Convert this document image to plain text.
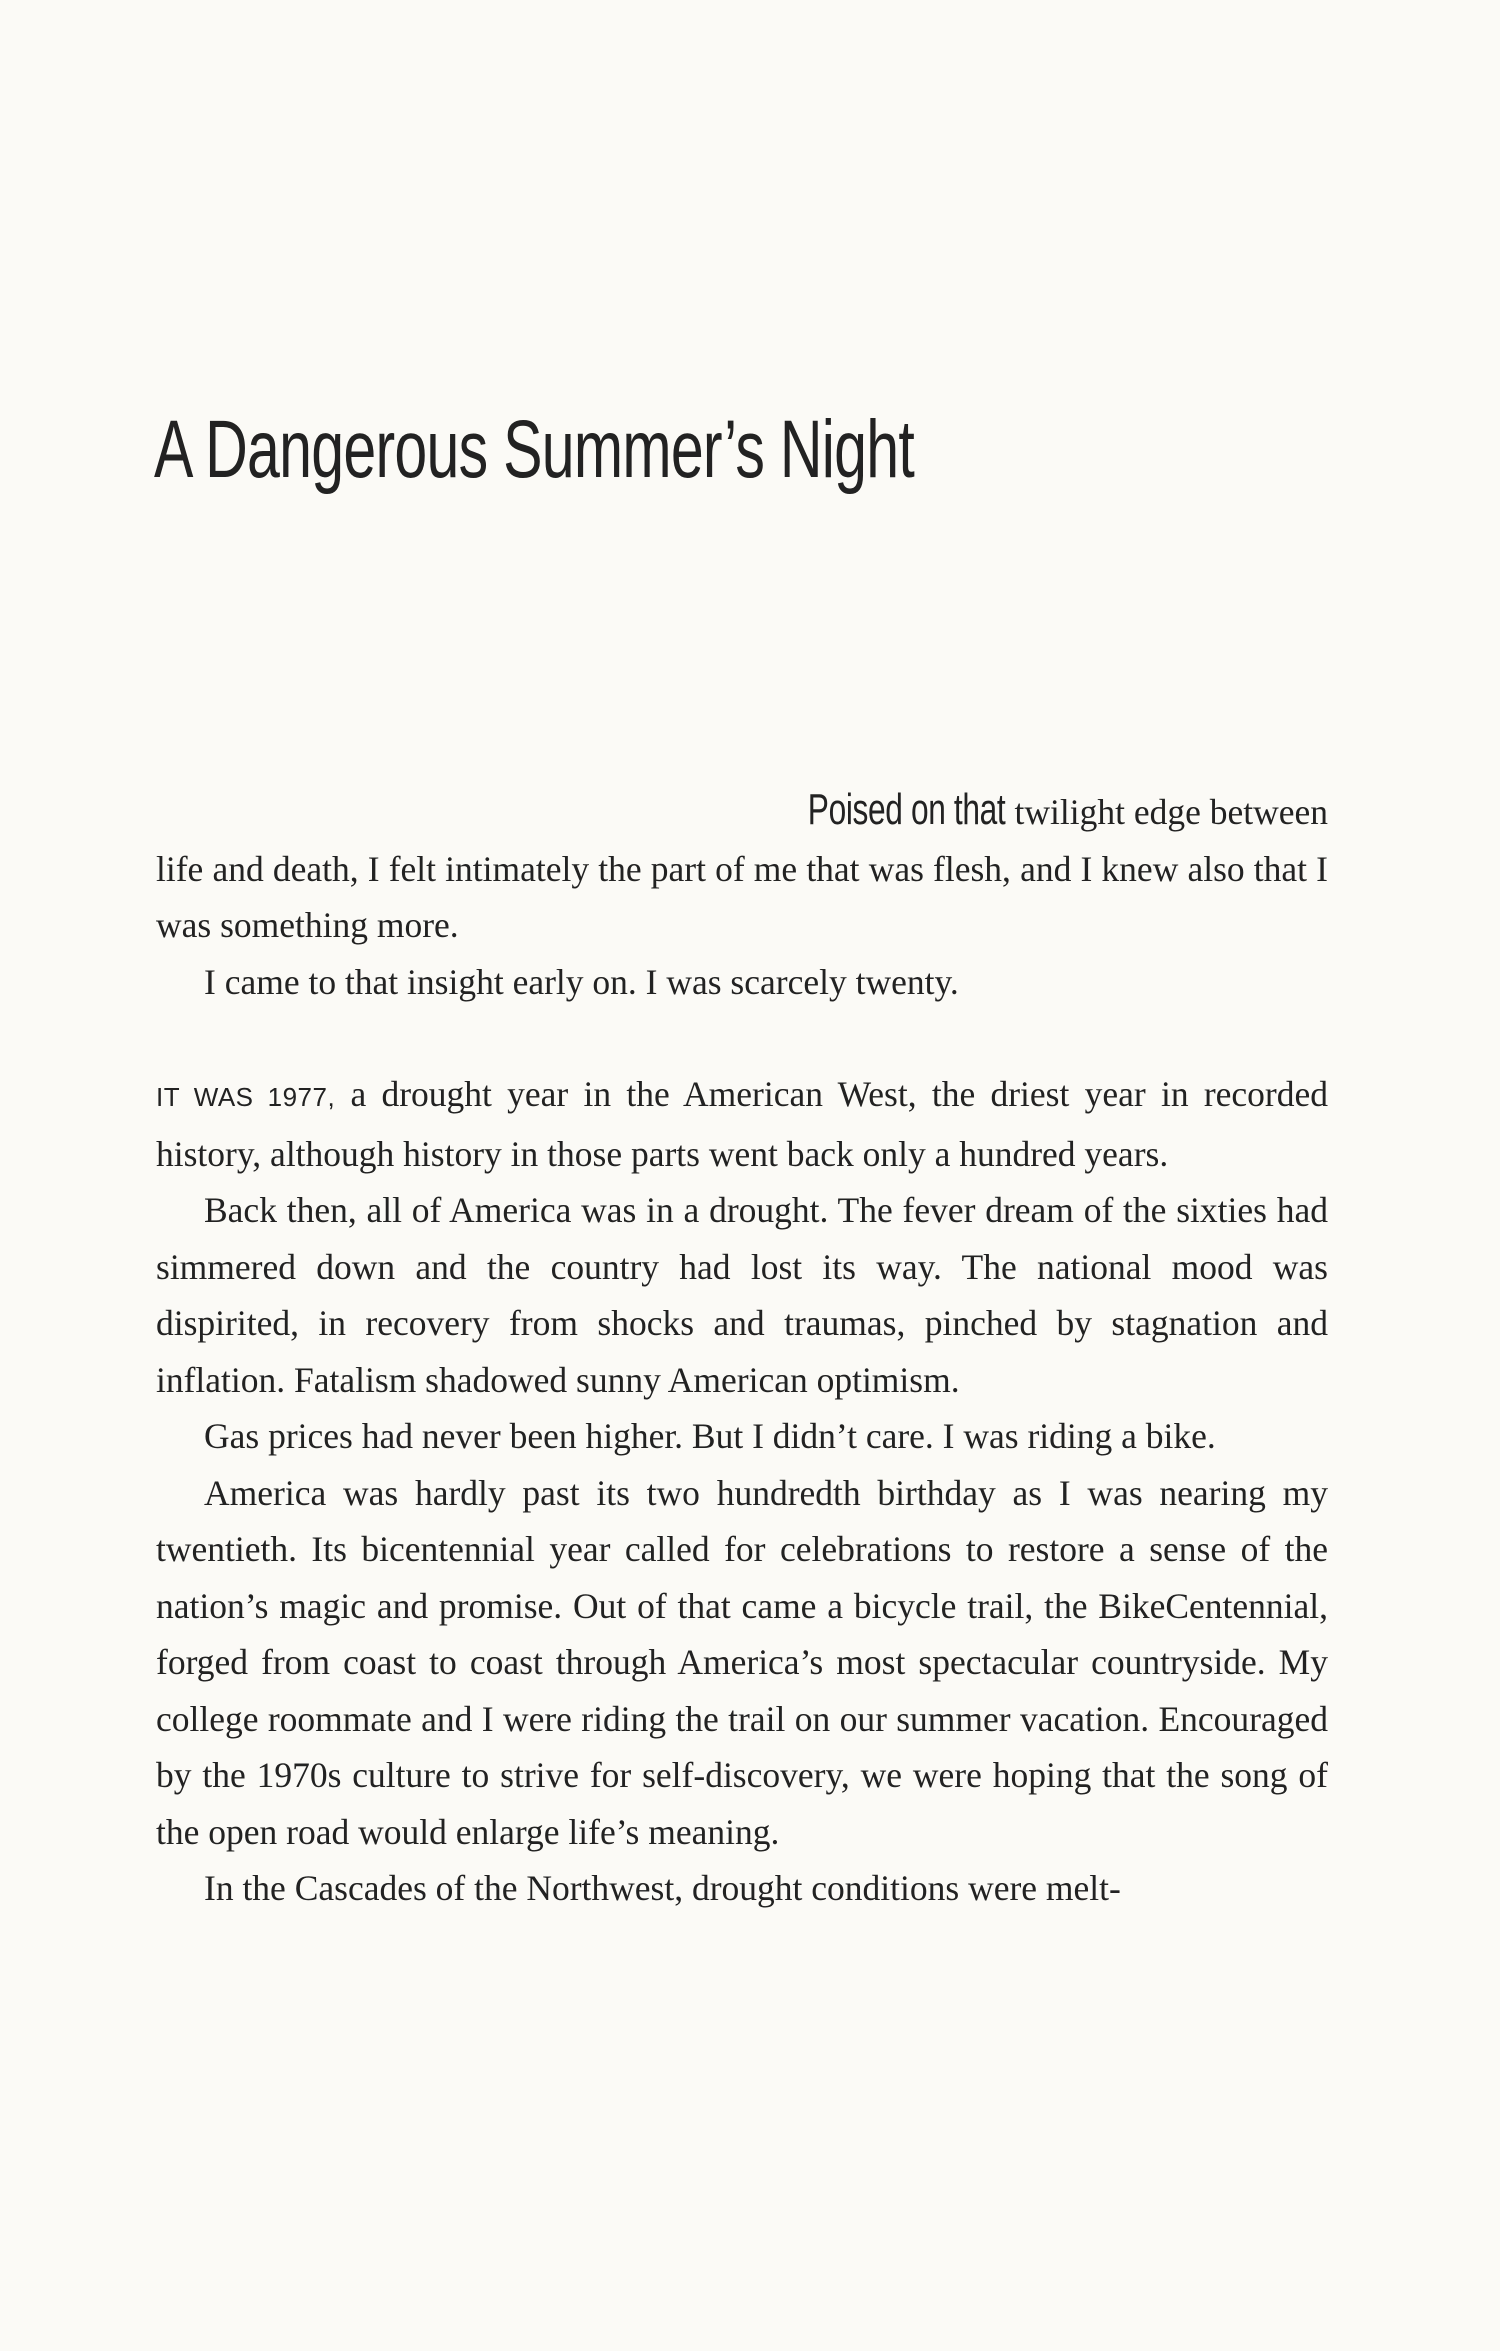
A Dangerous Summer’s Night

Poised on that twilight edge between
life and death, I felt intimately the part of me that was flesh, and I knew also that I was something more.

I came to that insight early on. I was scarcely twenty.

IT WAS 1977, a drought year in the American West, the driest year in recorded history, although history in those parts went back only a hundred years.

Back then, all of America was in a drought. The fever dream of the sixties had simmered down and the country had lost its way. The national mood was dispirited, in recovery from shocks and traumas, pinched by stagnation and inflation. Fatalism shadowed sunny American optimism.

Gas prices had never been higher. But I didn’t care. I was riding a bike.

America was hardly past its two hundredth birthday as I was nearing my twentieth. Its bicentennial year called for celebrations to restore a sense of the nation’s magic and promise. Out of that came a bicycle trail, the BikeCentennial, forged from coast to coast through America’s most spectacular countryside. My college roommate and I were riding the trail on our summer vacation. Encouraged by the 1970s culture to strive for self-discovery, we were hoping that the song of the open road would enlarge life’s meaning.

In the Cascades of the Northwest, drought conditions were melt-
